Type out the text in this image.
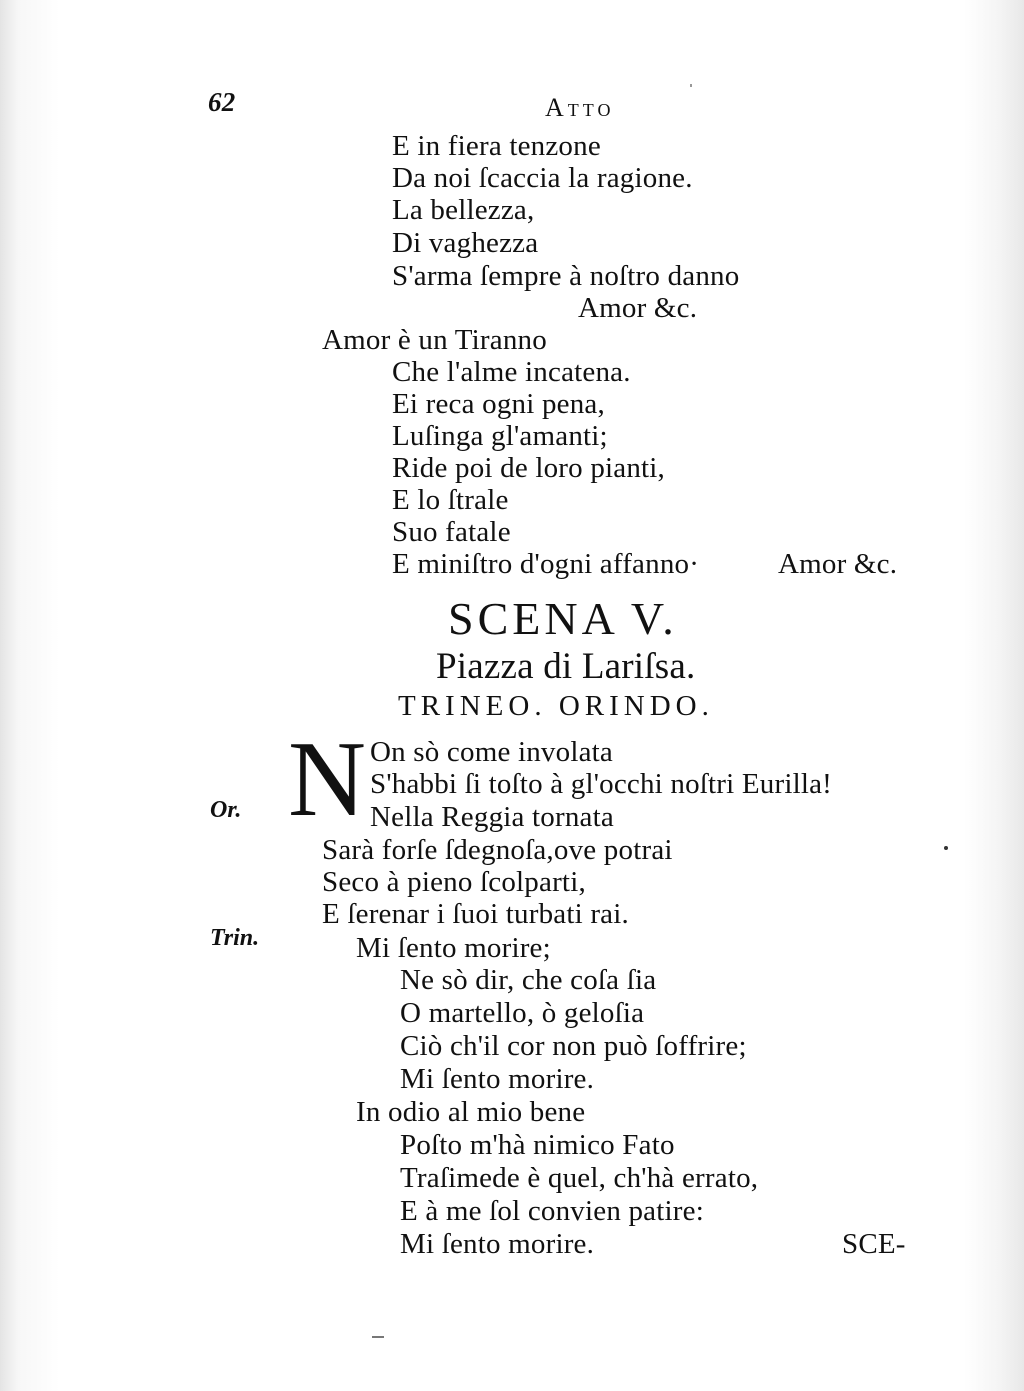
62	Atto
E in fiera tenzone
Da noi ſcaccia la ragione.
La bellezza,
Di vaghezza
S'arma ſempre à noſtro danno
Amor &c.
Amor è un Tiranno
Che l'alme incatena.
Ei reca ogni pena,
Luſinga gl'amanti;
Ride poi de loro pianti,
E lo ſtrale
Suo fatale
E miniſtro d'ogni affanno·	Amor &c.
SCENA V.
Piazza di Lariſsa.
TRINEO. ORINDO.
N
Or.
Trin.
On sò come involata
S'habbi ſi toſto à gl'occhi noſtri Eurilla!
Nella Reggia tornata
Sarà forſe ſdegnoſa,ove potrai
Seco à pieno ſcolparti,
E ſerenar i ſuoi turbati rai.
Mi ſento morire;
Ne sò dir, che coſa ſia
O martello, ò geloſia
Ciò ch'il cor non può ſoffrire;
Mi ſento morire.
In odio al mio bene
Poſto m'hà nimico Fato
Traſimede è quel, ch'hà errato,
E à me ſol convien patire:
Mi ſento morire.	SCE-
